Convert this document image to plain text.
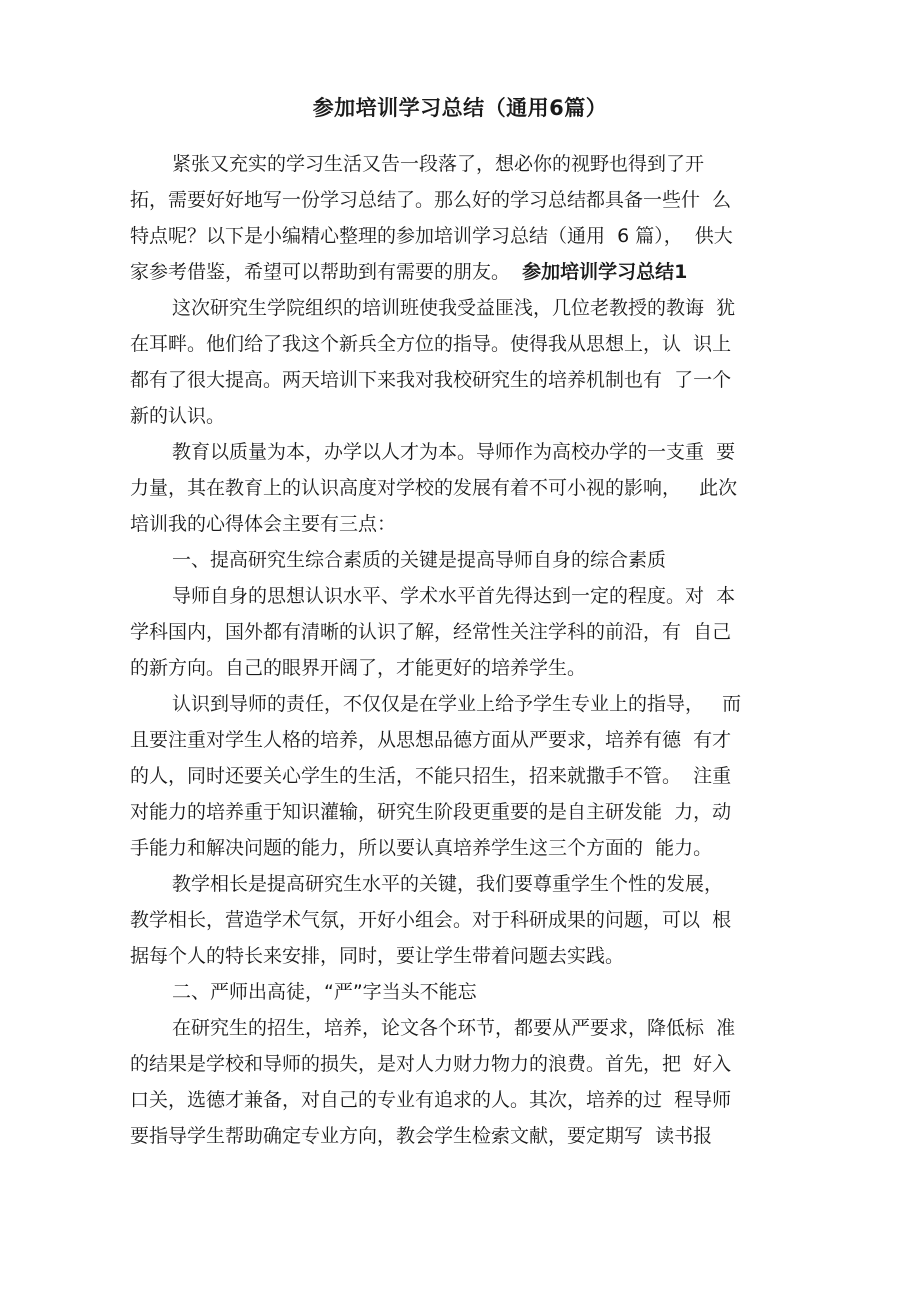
参加培训学习总结（通用6篇）
紧张又充实的学习生活又告一段落了，想必你的视野也得到了开
拓，需要好好地写一份学习总结了。那么好的学习总结都具备一些什  么
特点呢？以下是小编精心整理的参加培训学习总结（通用  6 篇），  供大
家参考借鉴，希望可以帮助到有需要的朋友。 参加培训学习总结1
这次研究生学院组织的培训班使我受益匪浅，几位老教授的教诲  犹
在耳畔。他们给了我这个新兵全方位的指导。使得我从思想上，认  识上
都有了很大提高。两天培训下来我对我校研究生的培养机制也有  了一个
新的认识。
教育以质量为本，办学以人才为本。导师作为高校办学的一支重  要
力量，其在教育上的认识高度对学校的发展有着不可小视的影响，   此次
培训我的心得体会主要有三点：
一、提高研究生综合素质的关键是提高导师自身的综合素质
导师自身的思想认识水平、学术水平首先得达到一定的程度。对  本
学科国内，国外都有清晰的认识了解，经常性关注学科的前沿，有  自己
的新方向。自己的眼界开阔了，才能更好的培养学生。
认识到导师的责任，不仅仅是在学业上给予学生专业上的指导，   而
且要注重对学生人格的培养，从思想品德方面从严要求，培养有德  有才
的人，同时还要关心学生的生活，不能只招生，招来就撒手不管。  注重
对能力的培养重于知识灌输，研究生阶段更重要的是自主研发能  力，动
手能力和解决问题的能力，所以要认真培养学生这三个方面的  能力。
教学相长是提高研究生水平的关键，我们要尊重学生个性的发展，
教学相长，营造学术气氛，开好小组会。对于科研成果的问题，可以  根
据每个人的特长来安排，同时，要让学生带着问题去实践。
二、严师出高徒，“严”字当头不能忘
在研究生的招生，培养，论文各个环节，都要从严要求，降低标  准
的结果是学校和导师的损失，是对人力财力物力的浪费。首先，把  好入
口关，选德才兼备，对自己的专业有追求的人。其次，培养的过  程导师
要指导学生帮助确定专业方向，教会学生检索文献，要定期写  读书报
